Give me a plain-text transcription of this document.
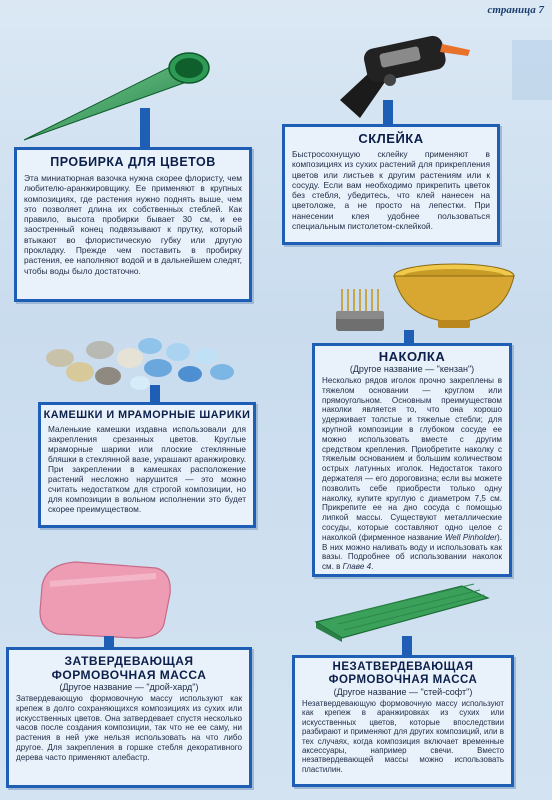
страница 7
ПРОБИРКА ДЛЯ ЦВЕТОВ

Эта миниатюрная вазочка нужна скорее флористу, чем любителю-аранжировщику. Ее применяют в крупных композициях, где растения нужно поднять выше, чем это позволяет длина их собственных стеблей. Как правило, высота пробирки бывает 30 см, и ее заостренный конец подвязывают к прутку, который втыкают во флористическую губку или другую прокладку. Прежде чем поставить в пробирку растения, ее наполняют водой и в дальнейшем следят, чтобы воды было достаточно.

СКЛЕЙКА

Быстросохнущую склейку применяют в композициях из сухих растений для прикрепления цветов или листьев к другим растениям или к сосуду. Если вам необходимо прикрепить цветок без стебля, убедитесь, что клей нанесен на цветоложе, а не просто на лепестки. При нанесении клея удобнее пользоваться специальным пистолетом-склейкой.

КАМЕШКИ И МРАМОРНЫЕ ШАРИКИ

Маленькие камешки издавна использовали для закрепления срезанных цветов. Круглые мраморные шарики или плоские стеклянные бляшки в стеклянной вазе, украшают аранжировку. При закреплении в камешках расположение растений несложно нарушится — это можно считать недостатком для строгой композиции, но для композиции в вольном исполнении это будет скорее преимуществом.

НАКОЛКА
(Другое название — "кензан")

Несколько рядов иголок прочно закреплены в тяжелом основании — круглом или прямоугольном. Основным преимуществом наколки является то, что она хорошо удерживает толстые и тяжелые стебли; для крупной композиции в глубоком сосуде ее можно использовать вместе с другим средством крепления. Приобретите наколку с тяжелым основанием и большим количеством острых латунных иголок. Недостаток такого держателя — его дороговизна; если вы можете позволить себе приобрести только одну наколку, купите круглую с диаметром 7,5 см. Прикрепите ее на дно сосуда с помощью липкой массы. Существуют металлические сосуды, которые составляют одно целое с наколкой (фирменное название Well Pinholder). В них можно наливать воду и использовать как вазы. Подробнее об использовании наколок см. в Главе 4.

ЗАТВЕРДЕВАЮЩАЯ
ФОРМОВОЧНАЯ МАССА
(Другое название — "дрой-хард")

Затвердевающую формовочную массу используют как крепеж в долго сохраняющихся композициях из сухих или искусственных цветов. Она затвердевает спустя несколько часов после создания композиции, так что не ее саму, ни растения в ней уже нельзя использовать на что либо другое. Для закрепления в горшке стебля декоративного дерева часто применяют алебастр.

НЕЗАТВЕРДЕВАЮЩАЯ
ФОРМОВОЧНАЯ МАССА
(Другое название — "стей-софт")

Незатвердевающую формовочную массу используют как крепеж в аранжировках из сухих или искусственных цветов, которые впоследствии разбирают и применяют для других композиций, или в тех случаях, когда композиция включает временные аксессуары, например свечи. Вместо незатвердевающей массы можно использовать пластилин.
